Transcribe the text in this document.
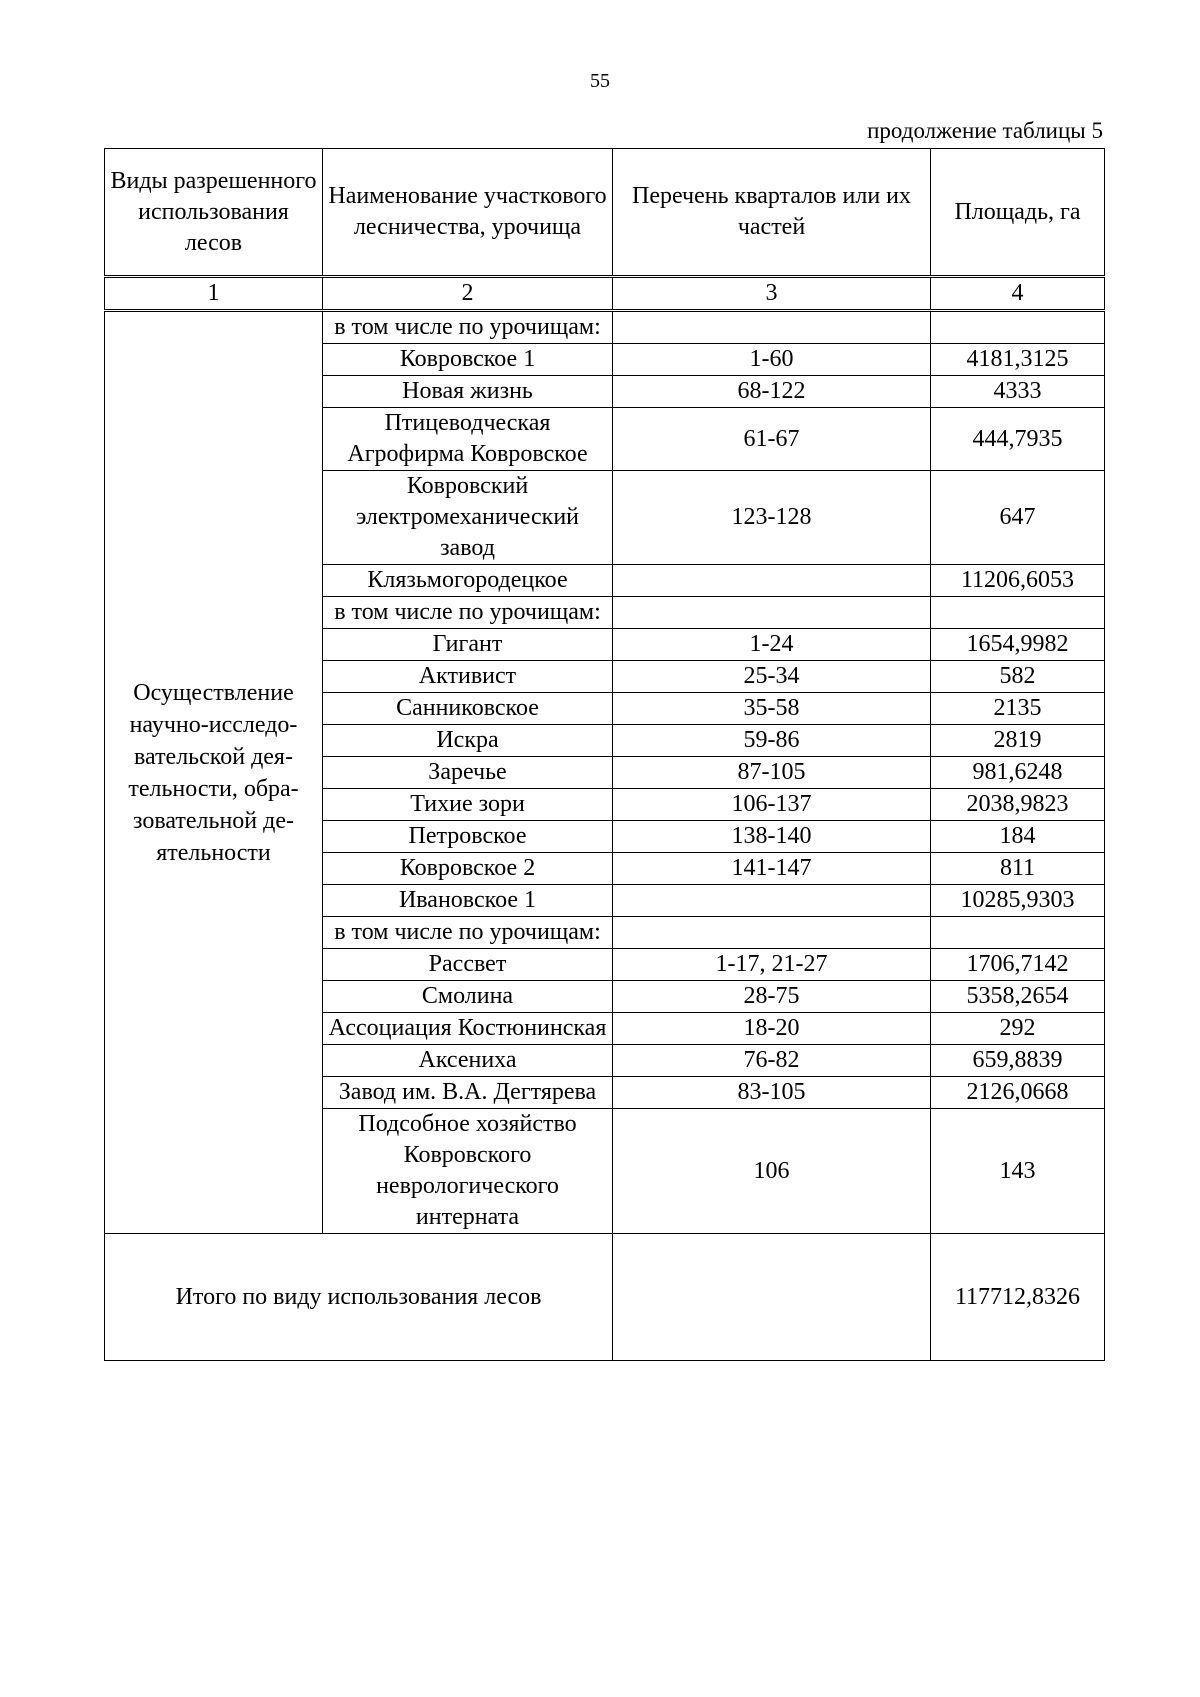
55
продолжение таблицы 5
Виды разрешенного использования лесов	Наименование участкового лесничества, урочища	Перечень кварталов или их частей	Площадь, га
1	2	3	4
Осуществление научно-исследо- вательской дея- тельности, обра- зовательной де- ятельности	в том числе по урочищам:		
	Ковровское 1	1-60	4181,3125
	Новая жизнь	68-122	4333
	Птицеводческая Агрофирма Ковровское	61-67	444,7935
	Ковровский электромеханический завод	123-128	647
	Клязьмогородецкое		11206,6053
	в том числе по урочищам:		
	Гигант	1-24	1654,9982
	Активист	25-34	582
	Санниковское	35-58	2135
	Искра	59-86	2819
	Заречье	87-105	981,6248
	Тихие зори	106-137	2038,9823
	Петровское	138-140	184
	Ковровское 2	141-147	811
	Ивановское 1		10285,9303
	в том числе по урочищам:		
	Рассвет	1-17, 21-27	1706,7142
	Смолина	28-75	5358,2654
	Ассоциация Костюнинская	18-20	292
	Аксениха	76-82	659,8839
	Завод им. В.А. Дегтярева	83-105	2126,0668
	Подсобное хозяйство Ковровского неврологического интерната	106	143
Итого по виду использования лесов			117712,8326
